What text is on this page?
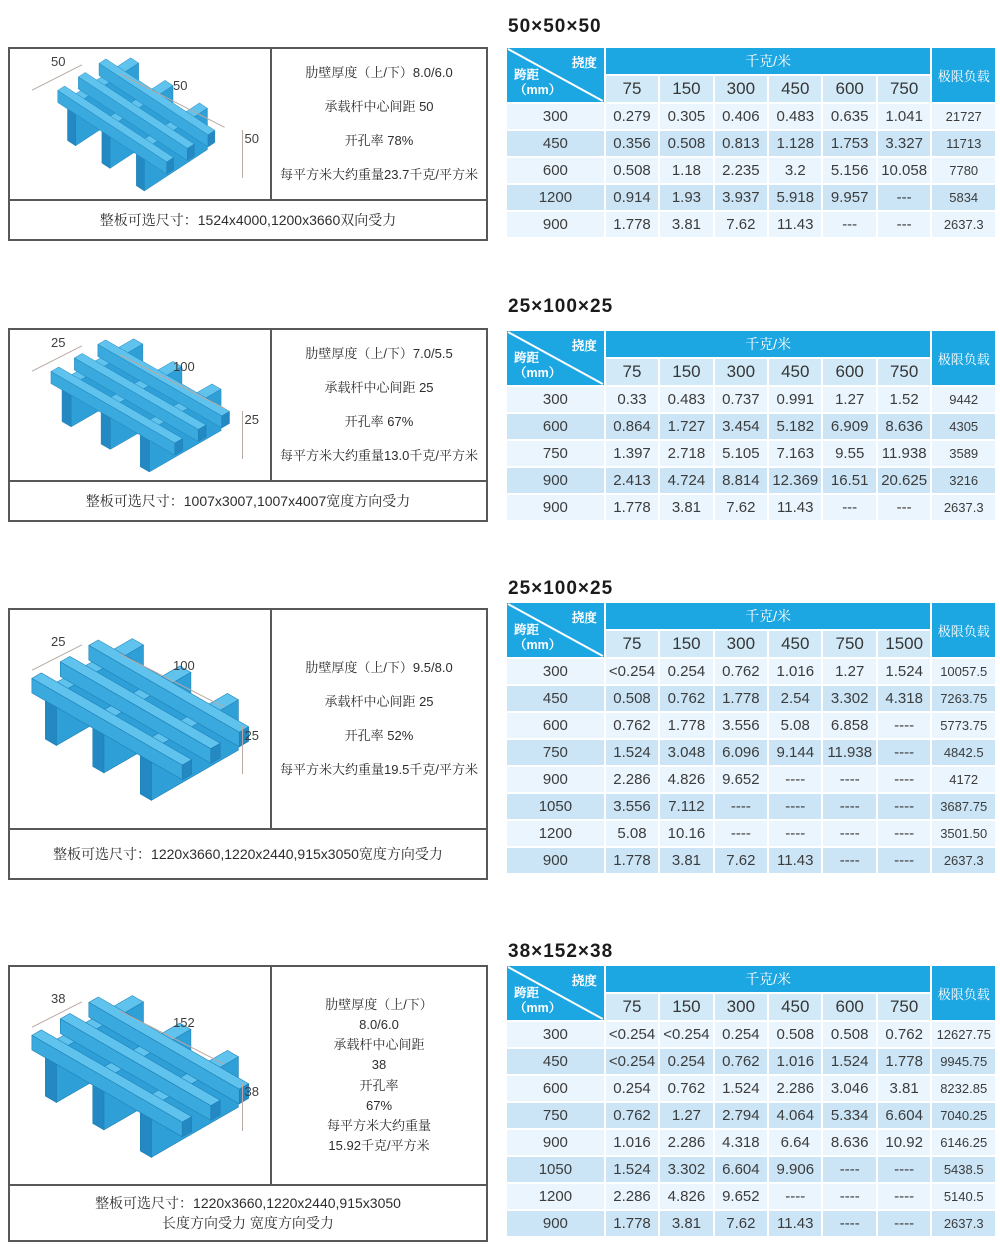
50×50×50
50
50
50
肋壁厚度（上/下）8.0/6.0
承载杆中心间距 50
开孔率 78%
每平方米大约重量23.7千克/平方米
整板可选尺寸：1524x4000,1200x3660双向受力
挠度
跨距
（mm）	千克/米						极限负载
	75	150	300	450	600	750	
300	0.279	0.305	0.406	0.483	0.635	1.041	21727
450	0.356	0.508	0.813	1.128	1.753	3.327	11713
600	0.508	1.18	2.235	3.2	5.156	10.058	7780
1200	0.914	1.93	3.937	5.918	9.957	---	5834
900	1.778	3.81	7.62	11.43	---	---	2637.3
25×100×25
25
100
25
肋壁厚度（上/下）7.0/5.5
承载杆中心间距 25
开孔率 67%
每平方米大约重量13.0千克/平方米
整板可选尺寸：1007x3007,1007x4007宽度方向受力
挠度
跨距
（mm）	千克/米						极限负载
	75	150	300	450	600	750	
300	0.33	0.483	0.737	0.991	1.27	1.52	9442
600	0.864	1.727	3.454	5.182	6.909	8.636	4305
750	1.397	2.718	5.105	7.163	9.55	11.938	3589
900	2.413	4.724	8.814	12.369	16.51	20.625	3216
900	1.778	3.81	7.62	11.43	---	---	2637.3
25×100×25
25
100
25
肋壁厚度（上/下）9.5/8.0
承载杆中心间距 25
开孔率 52%
每平方米大约重量19.5千克/平方米
整板可选尺寸：1220x3660,1220x2440,915x3050宽度方向受力
挠度
跨距
（mm）	千克/米						极限负载
	75	150	300	450	750	1500	
300	<0.254	0.254	0.762	1.016	1.27	1.524	10057.5
450	0.508	0.762	1.778	2.54	3.302	4.318	7263.75
600	0.762	1.778	3.556	5.08	6.858	----	5773.75
750	1.524	3.048	6.096	9.144	11.938	----	4842.5
900	2.286	4.826	9.652	----	----	----	4172
1050	3.556	7.112	----	----	----	----	3687.75
1200	5.08	10.16	----	----	----	----	3501.50
900	1.778	3.81	7.62	11.43	----	----	2637.3
38×152×38
38
152
38
肋壁厚度（上/下）
8.0/6.0
承载杆中心间距
38
开孔率
67%
每平方米大约重量
15.92千克/平方米
整板可选尺寸：1220x3660,1220x2440,915x3050
长度方向受力 宽度方向受力
挠度
跨距
（mm）	千克/米						极限负载
	75	150	300	450	600	750	
300	<0.254	<0.254	0.254	0.508	0.508	0.762	12627.75
450	<0.254	0.254	0.762	1.016	1.524	1.778	9945.75
600	0.254	0.762	1.524	2.286	3.046	3.81	8232.85
750	0.762	1.27	2.794	4.064	5.334	6.604	7040.25
900	1.016	2.286	4.318	6.64	8.636	10.92	6146.25
1050	1.524	3.302	6.604	9.906	----	----	5438.5
1200	2.286	4.826	9.652	----	----	----	5140.5
900	1.778	3.81	7.62	11.43	----	----	2637.3
